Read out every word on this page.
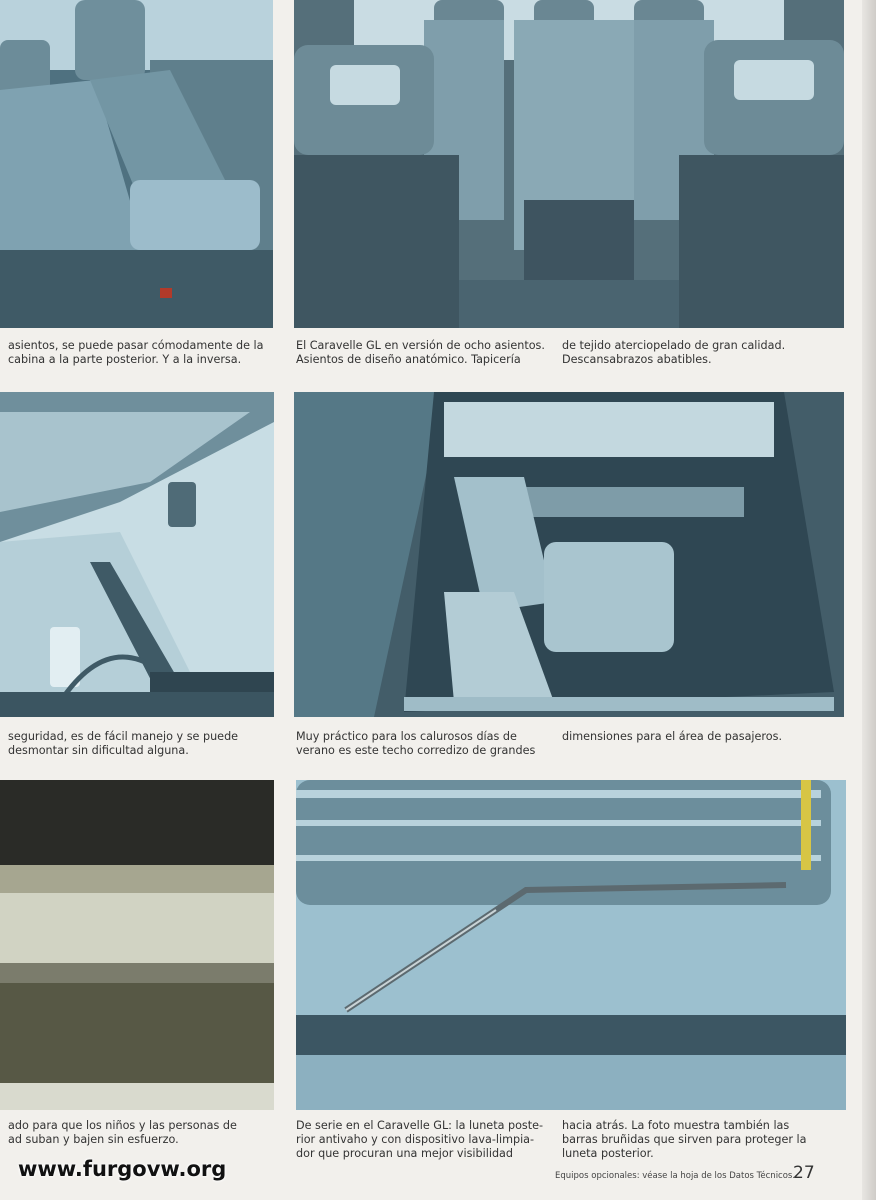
asientos, se puede pasar cómodamente de la
cabina a la parte posterior. Y a la inversa.
El Caravelle GL en versión de ocho asientos.
Asientos de diseño anatómico. Tapicería
de tejido aterciopelado de gran calidad.
Descansabrazos abatibles.
seguridad, es de fácil manejo y se puede
desmontar sin dificultad alguna.
Muy práctico para los calurosos días de
verano es este techo corredizo de grandes
dimensiones para el área de pasajeros.
ado para que los niños y las personas de
ad suban y bajen sin esfuerzo.
De serie en el Caravelle GL: la luneta poste-
rior antivaho y con dispositivo lava-limpia-
dor que procuran una mejor visibilidad
hacia atrás. La foto muestra también las
barras bruñidas que sirven para proteger la
luneta posterior.
www.furgovw.org	Equipos opcionales: véase la hoja de los Datos Técnicos.
27
